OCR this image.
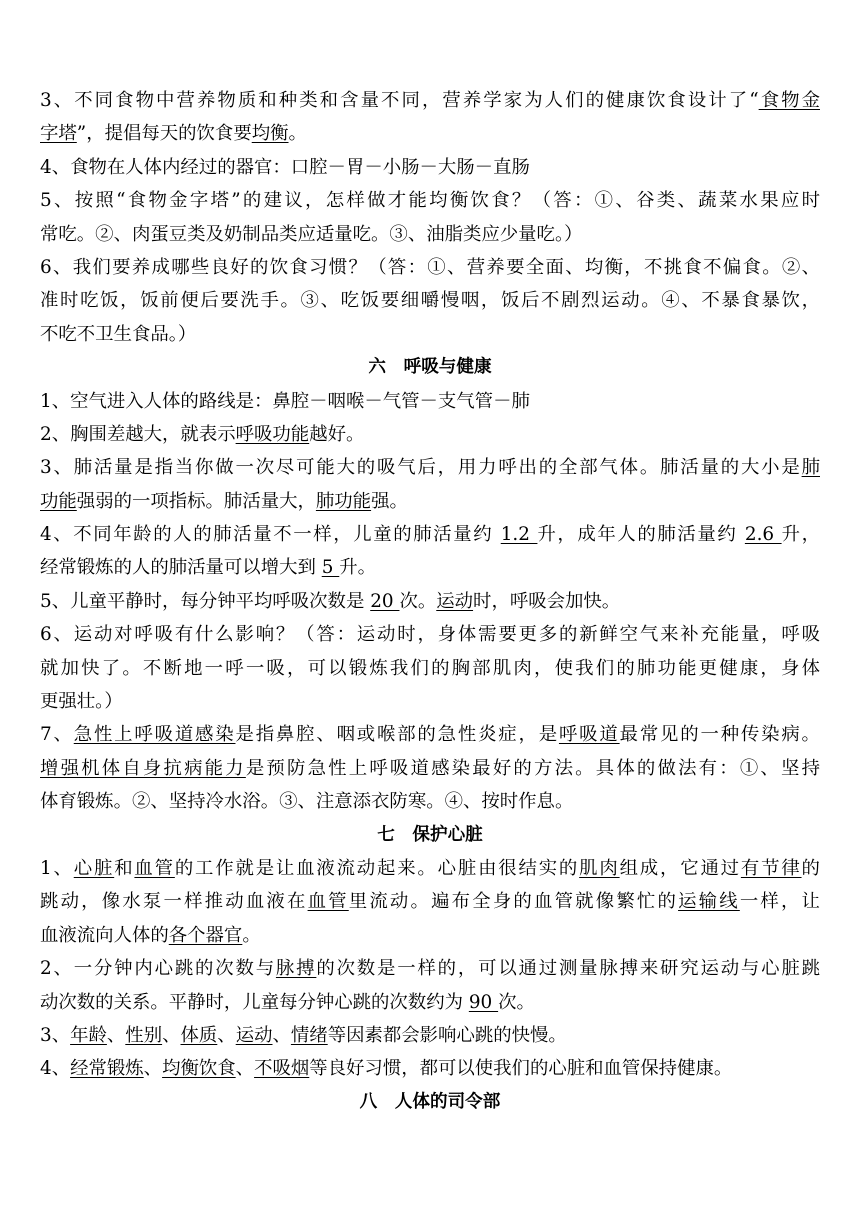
3、不同食物中营养物质和种类和含量不同，营养学家为人们的健康饮食设计了“食物金
字塔”，提倡每天的饮食要均衡。
4、食物在人体内经过的器官：口腔－胃－小肠－大肠－直肠
5、按照“食物金字塔”的建议，怎样做才能均衡饮食？（答：①、谷类、蔬菜水果应时
常吃。②、肉蛋豆类及奶制品类应适量吃。③、油脂类应少量吃。）
6、我们要养成哪些良好的饮食习惯？（答：①、营养要全面、均衡，不挑食不偏食。②、
准时吃饭，饭前便后要洗手。③、吃饭要细嚼慢咽，饭后不剧烈运动。④、不暴食暴饮，
不吃不卫生食品。）
六　呼吸与健康
1、空气进入人体的路线是：鼻腔－咽喉－气管－支气管－肺
2、胸围差越大，就表示呼吸功能越好。
3、肺活量是指当你做一次尽可能大的吸气后，用力呼出的全部气体。肺活量的大小是肺
功能强弱的一项指标。肺活量大，肺功能强。
4、不同年龄的人的肺活量不一样，儿童的肺活量约 1.2 升，成年人的肺活量约 2.6 升，
经常锻炼的人的肺活量可以增大到 5 升。
5、儿童平静时，每分钟平均呼吸次数是 20 次。运动时，呼吸会加快。
6、运动对呼吸有什么影响？（答：运动时，身体需要更多的新鲜空气来补充能量，呼吸
就加快了。不断地一呼一吸，可以锻炼我们的胸部肌肉，使我们的肺功能更健康，身体
更强壮。）
7、急性上呼吸道感染是指鼻腔、咽或喉部的急性炎症，是呼吸道最常见的一种传染病。
增强机体自身抗病能力是预防急性上呼吸道感染最好的方法。具体的做法有：①、坚持
体育锻炼。②、坚持冷水浴。③、注意添衣防寒。④、按时作息。
七　保护心脏
1、心脏和血管的工作就是让血液流动起来。心脏由很结实的肌肉组成，它通过有节律的
跳动，像水泵一样推动血液在血管里流动。遍布全身的血管就像繁忙的运输线一样，让
血液流向人体的各个器官。
2、一分钟内心跳的次数与脉搏的次数是一样的，可以通过测量脉搏来研究运动与心脏跳
动次数的关系。平静时，儿童每分钟心跳的次数约为 90 次。
3、年龄、性别、体质、运动、情绪等因素都会影响心跳的快慢。
4、经常锻炼、均衡饮食、不吸烟等良好习惯，都可以使我们的心脏和血管保持健康。
八　人体的司令部
